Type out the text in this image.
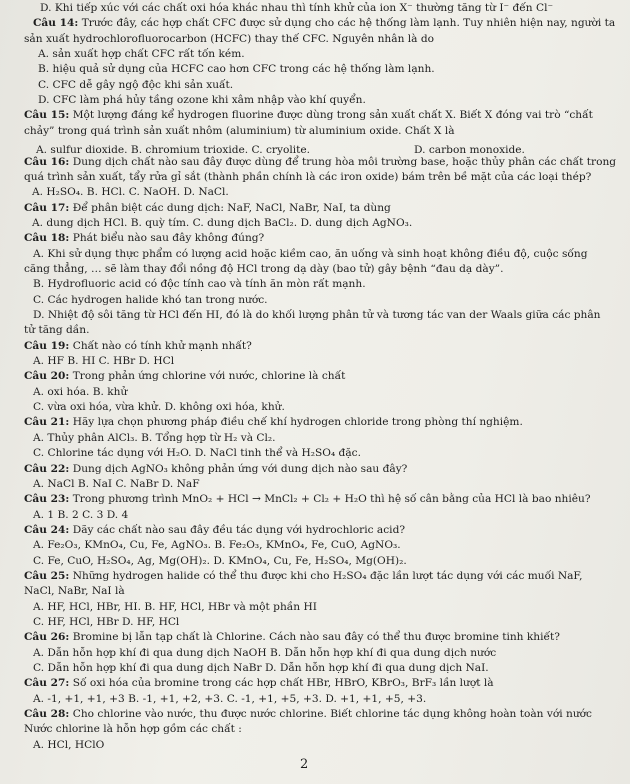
D. Khi tiếp xúc với các chất oxi hóa khác nhau thì tính khử của ion X⁻ thường tăng từ I⁻ đến Cl⁻
Câu 14: Trước đây, các hợp chất CFC được sử dụng cho các hệ thống làm lạnh. Tuy nhiên hiện nay, người ta
sản xuất hydrochlorofluorocarbon (HCFC) thay thế CFC. Nguyên nhân là do
A. sản xuất hợp chất CFC rất tốn kém.
B. hiệu quả sử dụng của HCFC cao hơn CFC trong các hệ thống làm lạnh.
C. CFC dễ gây ngộ độc khi sản xuất.
D. CFC làm phá hủy tầng ozone khi xâm nhập vào khí quyển.
Câu 15: Một lượng đáng kể hydrogen fluorine được dùng trong sản xuất chất X. Biết X đóng vai trò “chất
chảy” trong quá trình sản xuất nhôm (aluminium) từ aluminium oxide. Chất X là
D. carbon monoxide.
A. sulfur dioxide. B. chromium trioxide. C. cryolite.
Câu 16: Dung dịch chất nào sau đây được dùng để trung hòa môi trường base, hoặc thủy phân các chất trong
quá trình sản xuất, tẩy rửa gỉ sắt (thành phần chính là các iron oxide) bám trên bề mặt của các loại thép?
A. H₂SO₄. B. HCl. C. NaOH. D. NaCl.
Câu 17: Để phân biệt các dung dịch: NaF, NaCl, NaBr, NaI, ta dùng
A. dung dịch HCl. B. quỳ tím. C. dung dịch BaCl₂. D. dung dịch AgNO₃.
Câu 18: Phát biểu nào sau đây không đúng?
A. Khi sử dụng thực phẩm có lượng acid hoặc kiềm cao, ăn uống và sinh hoạt không điều độ, cuộc sống
căng thẳng, … sẽ làm thay đổi nồng độ HCl trong dạ dày (bao tử) gây bệnh “đau dạ dày”.
B. Hydrofluoric acid có độc tính cao và tính ăn mòn rất mạnh.
C. Các hydrogen halide khó tan trong nước.
D. Nhiệt độ sôi tăng từ HCl đến HI, đó là do khối lượng phân tử và tương tác van der Waals giữa các phân
tử tăng dần.
Câu 19: Chất nào có tính khử mạnh nhất?
A. HF B. HI C. HBr D. HCl
Câu 20: Trong phản ứng chlorine với nước, chlorine là chất
A. oxi hóa. B. khử
C. vừa oxi hóa, vừa khử. D. không oxi hóa, khử.
Câu 21: Hãy lựa chọn phương pháp điều chế khí hydrogen chloride trong phòng thí nghiệm.
A. Thủy phân AlCl₃. B. Tổng hợp từ H₂ và Cl₂.
C. Chlorine tác dụng với H₂O. D. NaCl tinh thể và H₂SO₄ đặc.
Câu 22: Dung dịch AgNO₃ không phản ứng với dung dịch nào sau đây?
A. NaCl B. NaI C. NaBr D. NaF
Câu 23: Trong phương trình MnO₂ + HCl → MnCl₂ + Cl₂ + H₂O thì hệ số cân bằng của HCl là bao nhiêu?
A. 1 B. 2 C. 3 D. 4
Câu 24: Dãy các chất nào sau đây đều tác dụng với hydrochloric acid?
A. Fe₂O₃, KMnO₄, Cu, Fe, AgNO₃. B. Fe₂O₃, KMnO₄, Fe, CuO, AgNO₃.
C. Fe, CuO, H₂SO₄, Ag, Mg(OH)₂. D. KMnO₄, Cu, Fe, H₂SO₄, Mg(OH)₂.
Câu 25: Những hydrogen halide có thể thu được khi cho H₂SO₄ đặc lần lượt tác dụng với các muối NaF,
NaCl, NaBr, NaI là
A. HF, HCl, HBr, HI. B. HF, HCl, HBr và một phần HI
C. HF, HCl, HBr D. HF, HCl
Câu 26: Bromine bị lẫn tạp chất là Chlorine. Cách nào sau đây có thể thu được bromine tinh khiết?
A. Dẫn hỗn hợp khí đi qua dung dịch NaOH B. Dẫn hỗn hợp khí đi qua dung dịch nước
C. Dẫn hỗn hợp khí đi qua dung dịch NaBr D. Dẫn hỗn hợp khí đi qua dung dịch NaI.
Câu 27: Số oxi hóa của bromine trong các hợp chất HBr, HBrO, KBrO₃, BrF₃ lần lượt là
A. -1, +1, +1, +3 B. -1, +1, +2, +3. C. -1, +1, +5, +3. D. +1, +1, +5, +3.
Câu 28: Cho chlorine vào nước, thu được nước chlorine. Biết chlorine tác dụng không hoàn toàn với nước
Nước chlorine là hỗn hợp gồm các chất :
A. HCl, HClO
2
